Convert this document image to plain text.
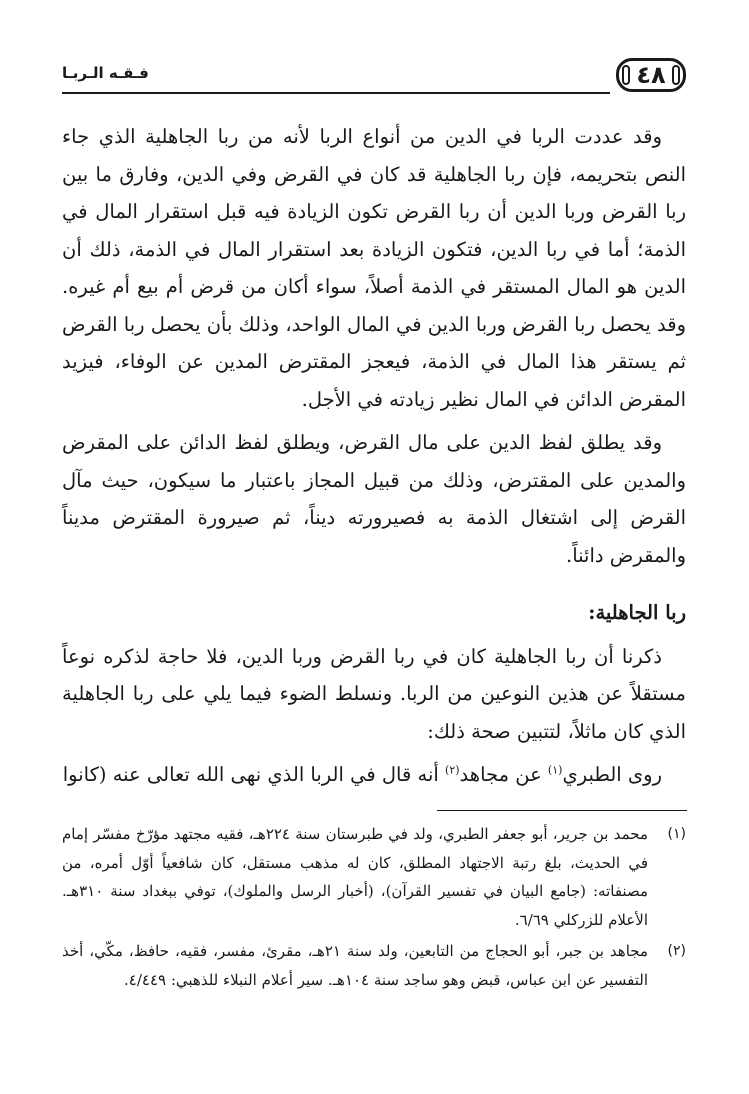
٤٨
فـقـه الـربـا

وقد عددت الربا في الدين من أنواع الربا لأنه من ربا الجاهلية الذي جاء النص بتحريمه، فإن ربا الجاهلية قد كان في القرض وفي الدين، وفارق ما بين ربا القرض وربا الدين أن ربا القرض تكون الزيادة فيه قبل استقرار المال في الذمة؛ أما في ربا الدين، فتكون الزيادة بعد استقرار المال في الذمة، ذلك أن الدين هو المال المستقر في الذمة أصلاً، سواء أكان من قرض أم بيع أم غيره. وقد يحصل ربا القرض وربا الدين في المال الواحد، وذلك بأن يحصل ربا القرض ثم يستقر هذا المال في الذمة، فيعجز المقترض المدين عن الوفاء، فيزيد المقرض الدائن في المال نظير زيادته في الأجل.

وقد يطلق لفظ الدين على مال القرض، ويطلق لفظ الدائن على المقرض والمدين على المقترض، وذلك من قبيل المجاز باعتبار ما سيكون، حيث مآل القرض إلى اشتغال الذمة به فصيرورته ديناً، ثم صيرورة المقترض مديناً والمقرض دائناً.

ربا الجاهلية:

ذكرنا أن ربا الجاهلية كان في ربا القرض وربا الدين، فلا حاجة لذكره نوعاً مستقلاً عن هذين النوعين من الربا. ونسلط الضوء فيما يلي على ربا الجاهلية الذي كان ماثلاً، لتتبين صحة ذلك:

روى الطبري$^{(١)}$ عن مجاهد$^{(٢)}$ أنه قال في الربا الذي نهى الله تعالى عنه (كانوا

(١)
محمد بن جرير، أبو جعفر الطبري، ولد في طبرستان سنة ٢٢٤هـ، فقيه مجتهد مؤرّخ مفسّر إمام في الحديث، بلغ رتبة الاجتهاد المطلق، كان له مذهب مستقل، كان شافعياً أوّل أمره، من مصنفاته: (جامع البيان في تفسير القرآن)، (أخبار الرسل والملوك)، توفي ببغداد سنة ٣١٠هـ. الأعلام للزركلي ٦/٦٩.
(٢)
مجاهد بن جبر، أبو الحجاج من التابعين، ولد سنة ٢١هـ، مقرئ، مفسر، فقيه، حافظ، مكّي، أخذ التفسير عن ابن عباس، قبض وهو ساجد سنة ١٠٤هـ. سير أعلام النبلاء للذهبي: ٤/٤٤٩.
